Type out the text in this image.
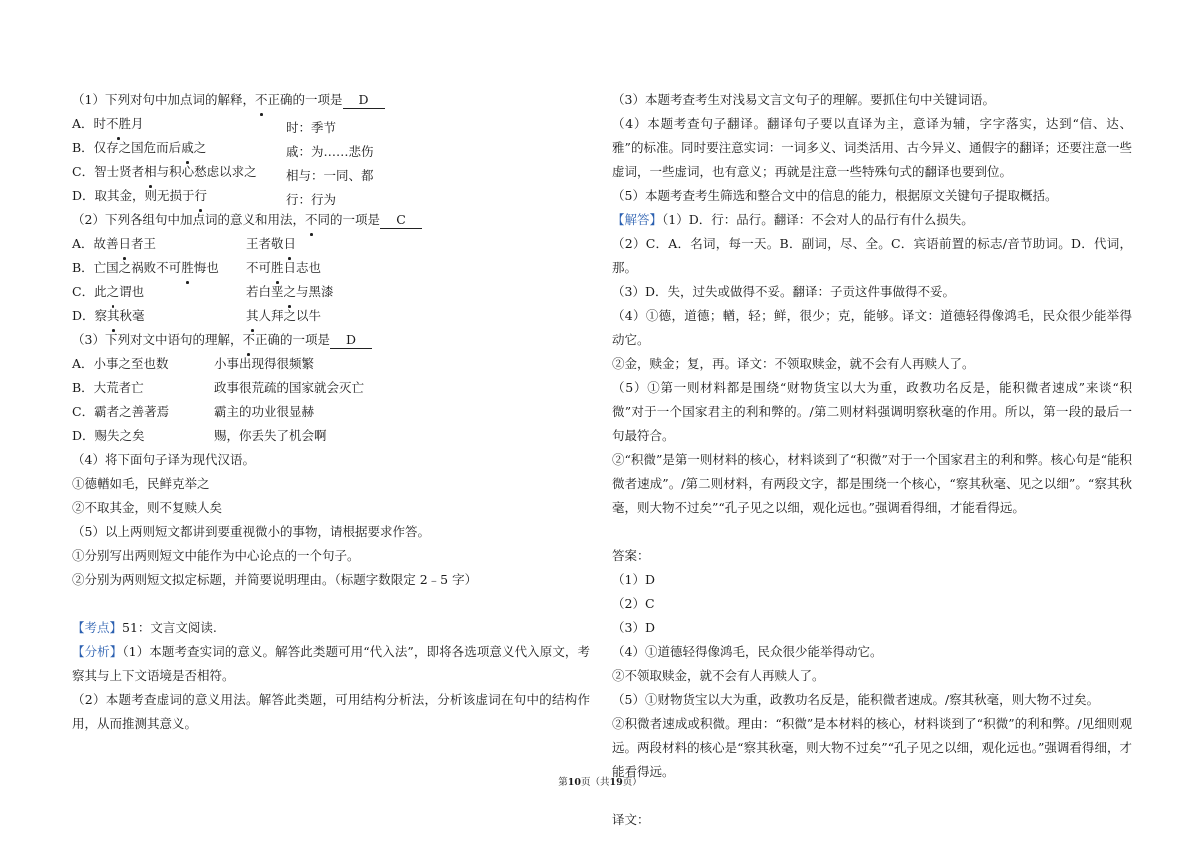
（1）下列对句中加点词的解释，不正确的一项是 D
A．时不胜月	时：季节
B．仅存之国危而后戚之	戚：为……悲伤
C．智士贤者相与积心愁虑以求之 相与：一同、都
D．取其金，则无损于行	行：行为
（2）下列各组句中加点词的意义和用法，不同的一项是 C
A．故善日者王	王者敬日
B．亡国之祸败不可胜悔也 不可胜日志也
C．此之谓也	若白垩之与黑漆
D．察其秋毫	其人拜之以牛
（3）下列对文中语句的理解，不正确的一项是 D
A．小事之至也数	小事出现得很频繁
B．大荒者亡	政事很荒疏的国家就会灭亡
C．霸者之善著焉	霸主的功业很显赫
D．赐失之矣	赐，你丢失了机会啊
（4）将下面句子译为现代汉语。
①德輶如毛，民鲜克举之
②不取其金，则不复赎人矣
（5）以上两则短文都讲到要重视微小的事物，请根据要求作答。
①分别写出两则短文中能作为中心论点的一个句子。
②分别为两则短文拟定标题，并简要说明理由。（标题字数限定 2﹣5 字）
【考点】51：文言文阅读.
【分析】（1）本题考查实词的意义。解答此类题可用“代入法”，即将各选项意义代入原文，考察其与上下文语境是否相符。
（2）本题考查虚词的意义用法。解答此类题，可用结构分析法，分析该虚词在句中的结构作用，从而推测其意义。
（3）本题考查考生对浅易文言文句子的理解。要抓住句中关键词语。
（4）本题考查句子翻译。翻译句子要以直译为主，意译为辅，字字落实，达到“信、达、雅”的标准。同时要注意实词：一词多义、词类活用、古今异义、通假字的翻译；还要注意一些虚词，一些虚词，也有意义；再就是注意一些特殊句式的翻译也要到位。
（5）本题考查考生筛选和整合文中的信息的能力，根据原文关键句子提取概括。
【解答】（1）D．行：品行。翻译：不会对人的品行有什么损失。
（2）C．A．名词，每一天。B．副词，尽、全。C．宾语前置的标志/音节助词。D．代词，那。
（3）D．失，过失或做得不妥。翻译：子贡这件事做得不妥。
（4）①德，道德；輶，轻；鲜，很少；克，能够。译文：道德轻得像鸿毛，民众很少能举得动它。
②金，赎金；复，再。译文：不领取赎金，就不会有人再赎人了。
（5）①第一则材料都是围绕“财物货宝以大为重，政教功名反是，能积微者速成”来谈“积微”对于一个国家君主的利和弊的。/第二则材料强调明察秋毫的作用。所以，第一段的最后一句最符合。
②“积微”是第一则材料的核心，材料谈到了“积微”对于一个国家君主的利和弊。核心句是“能积微者速成”。/第二则材料，有两段文字，都是围绕一个核心，“察其秋毫、见之以细”。“察其秋毫，则大物不过矣”“孔子见之以细，观化远也。”强调看得细，才能看得远。
答案：
（1）D
（2）C
（3）D
（4）①道德轻得像鸿毛，民众很少能举得动它。
②不领取赎金，就不会有人再赎人了。
（5）①财物货宝以大为重，政教功名反是，能积微者速成。/察其秋毫，则大物不过矣。
②积微者速成或积微。理由：“积微”是本材料的核心，材料谈到了“积微”的利和弊。/见细则观远。两段材料的核心是“察其秋毫，则大物不过矣”“孔子见之以细，观化远也。”强调看得细，才能看得远。
译文：
第10页（共19页）
